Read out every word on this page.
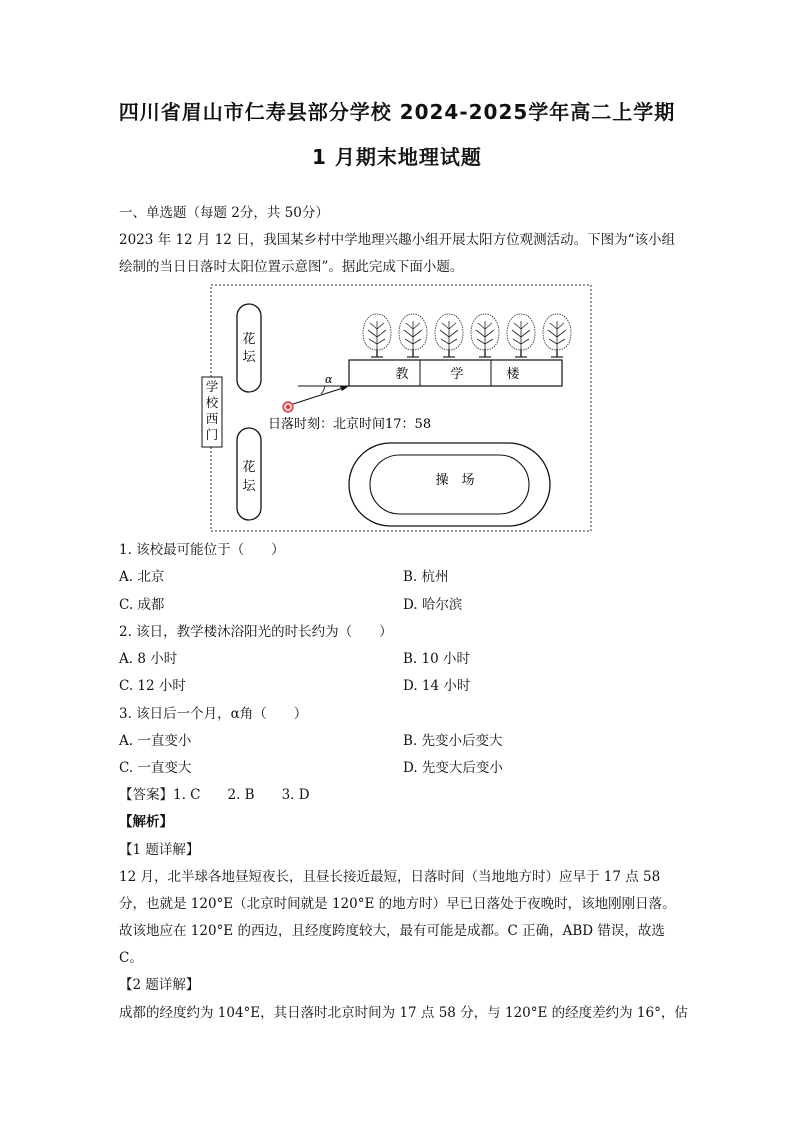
四川省眉山市仁寿县部分学校 2024-2025学年高二上学期
1 月期末地理试题
一、单选题（每题 2分，共 50分）
2023 年 12 月 12 日，我国某乡村中学地理兴趣小组开展太阳方位观测活动。下图为“该小组
绘制的当日日落时太阳位置示意图”。据此完成下面小题。
花
坛
花
坛
学
校
西
门
教	学	楼
α
日落时刻：北京时间17：58
操　场
1. 该校最可能位于（　　）
A. 北京	B. 杭州
C. 成都	D. 哈尔滨
2. 该日，教学楼沐浴阳光的时长约为（　　）
A. 8 小时	B. 10 小时
C. 12 小时	D. 14 小时
3. 该日后一个月，α角（　　）
A. 一直变小	B. 先变小后变大
C. 一直变大	D. 先变大后变小
【答案】1. C　　2. B　　3. D
【解析】
【1 题详解】
12 月，北半球各地昼短夜长，且昼长接近最短，日落时间（当地地方时）应早于 17 点 58
分，也就是 120°E（北京时间就是 120°E 的地方时）早已日落处于夜晚时，该地刚刚日落。
故该地应在 120°E 的西边，且经度跨度较大，最有可能是成都。C 正确，ABD 错误，故选
C。
【2 题详解】
成都的经度约为 104°E，其日落时北京时间为 17 点 58 分，与 120°E 的经度差约为 16°，估
